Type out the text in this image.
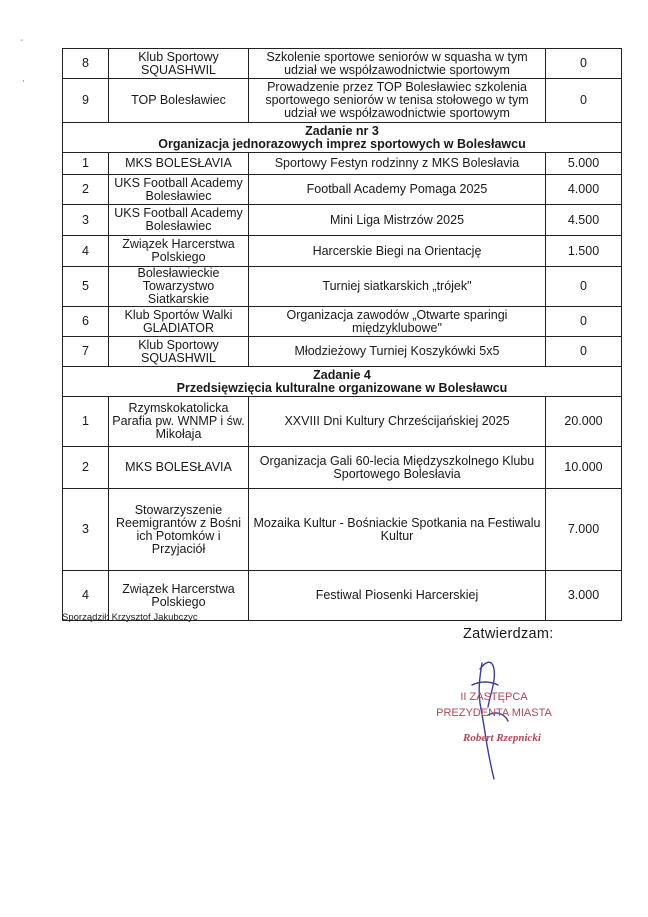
-
,
8	Klub Sportowy SQUASHWIL	Szkolenie sportowe seniorów w squasha w tym udział we współzawodnictwie sportowym	0
9	TOP Bolesławiec	Prowadzenie przez TOP Bolesławiec szkolenia sportowego seniorów w tenisa stołowego w tym udział we współzawodnictwie sportowym	0

Zadanie nr 3
Organizacja jednorazowych imprez sportowych w Bolesławcu			

1	MKS BOLESŁAVIA	Sportowy Festyn rodzinny z MKS Bolesłavia	5.000
2	UKS Football Academy Bolesławiec	Football Academy Pomaga 2025	4.000
3	UKS Football Academy Bolesławiec	Mini Liga Mistrzów 2025	4.500
4	Związek Harcerstwa Polskiego	Harcerskie Biegi na Orientację	1.500
5	Bolesławieckie Towarzystwo Siatkarskie	Turniej siatkarskich „trójek"	0
6	Klub Sportów Walki GLADIATOR	Organizacja zawodów „Otwarte sparingi międzyklubowe"	0
7	Klub Sportowy SQUASHWIL	Młodzieżowy Turniej Koszykówki 5x5	0

Zadanie 4
Przedsięwzięcia kulturalne organizowane w Bolesławcu			

1	Rzymskokatolicka Parafia pw. WNMP i św. Mikołaja	XXVIII Dni Kultury Chrześcijańskiej 2025	20.000
2	MKS BOLESŁAVIA	Organizacja Gali 60-lecia Międzyszkolnego Klubu Sportowego Bolesłavia	10.000
3	Stowarzyszenie Reemigrantów z Bośni ich Potomków i Przyjaciół	Mozaika Kultur - Bośniackie Spotkania na Festiwalu Kultur	7.000
4	Związek Harcerstwa Polskiego	Festiwal Piosenki Harcerskiej	3.000
Sporządził: Krzysztof Jakubczyc
Zatwierdzam:
II ZASTĘPCA
PREZYDENTA MIASTA
Robert Rzepnicki
